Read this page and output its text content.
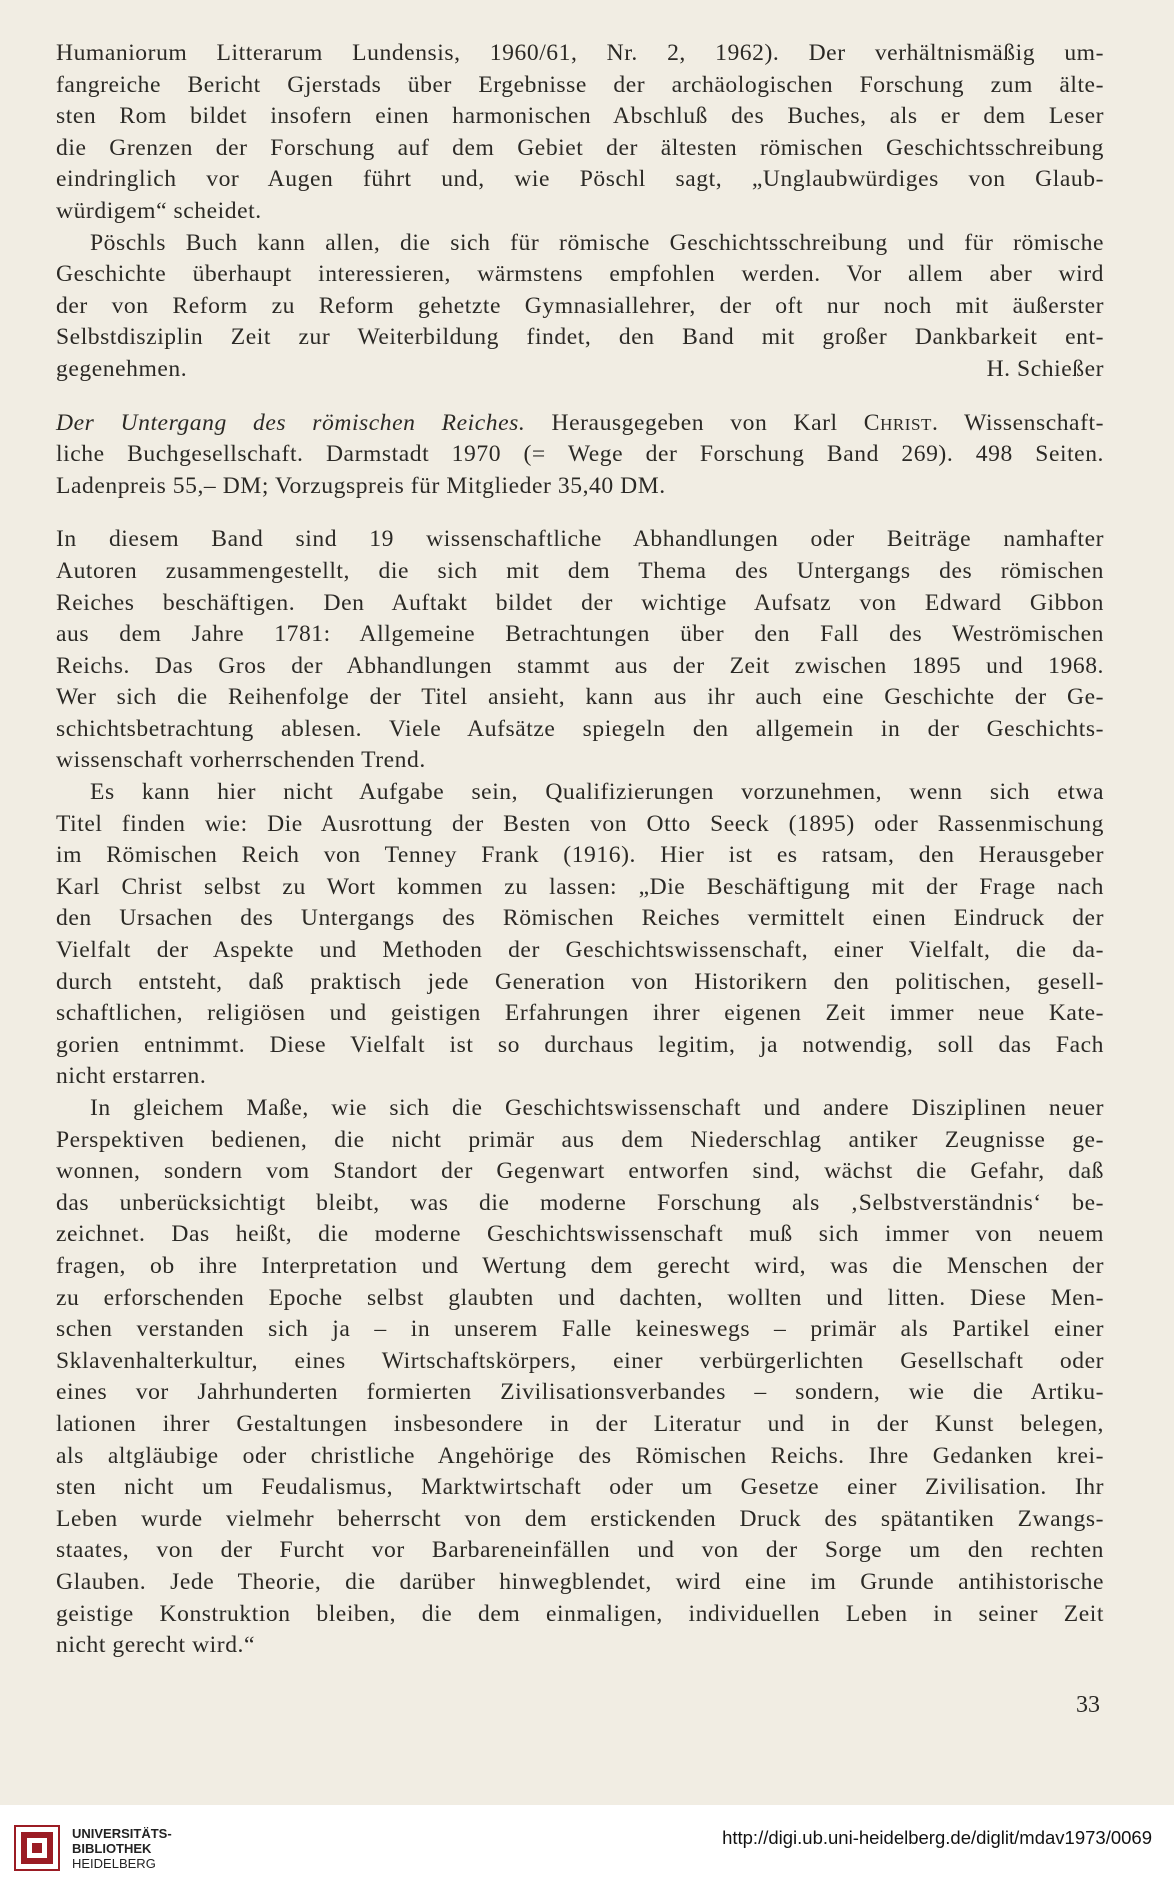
Humaniorum Litterarum Lundensis, 1960/61, Nr. 2, 1962). Der verhältnismäßig um-

fangreiche Bericht Gjerstads über Ergebnisse der archäologischen Forschung zum älte-

sten Rom bildet insofern einen harmonischen Abschluß des Buches, als er dem Leser

die Grenzen der Forschung auf dem Gebiet der ältesten römischen Geschichtsschreibung

eindringlich vor Augen führt und, wie Pöschl sagt, „Unglaubwürdiges von Glaub-

würdigem“ scheidet.

Pöschls Buch kann allen, die sich für römische Geschichtsschreibung und für römische

Geschichte überhaupt interessieren, wärmstens empfohlen werden. Vor allem aber wird

der von Reform zu Reform gehetzte Gymnasiallehrer, der oft nur noch mit äußerster

Selbstdisziplin Zeit zur Weiterbildung findet, den Band mit großer Dankbarkeit ent-

gegenehmen.	H. Schießer

Der Untergang des römischen Reiches. Herausgegeben von Karl Christ. Wissenschaft-

liche Buchgesellschaft. Darmstadt 1970 (= Wege der Forschung Band 269). 498 Seiten.

Ladenpreis 55,– DM; Vorzugspreis für Mitglieder 35,40 DM.

In diesem Band sind 19 wissenschaftliche Abhandlungen oder Beiträge namhafter

Autoren zusammengestellt, die sich mit dem Thema des Untergangs des römischen

Reiches beschäftigen. Den Auftakt bildet der wichtige Aufsatz von Edward Gibbon

aus dem Jahre 1781: Allgemeine Betrachtungen über den Fall des Weströmischen

Reichs. Das Gros der Abhandlungen stammt aus der Zeit zwischen 1895 und 1968.

Wer sich die Reihenfolge der Titel ansieht, kann aus ihr auch eine Geschichte der Ge-

schichtsbetrachtung ablesen. Viele Aufsätze spiegeln den allgemein in der Geschichts-

wissenschaft vorherrschenden Trend.

Es kann hier nicht Aufgabe sein, Qualifizierungen vorzunehmen, wenn sich etwa

Titel finden wie: Die Ausrottung der Besten von Otto Seeck (1895) oder Rassenmischung

im Römischen Reich von Tenney Frank (1916). Hier ist es ratsam, den Herausgeber

Karl Christ selbst zu Wort kommen zu lassen: „Die Beschäftigung mit der Frage nach

den Ursachen des Untergangs des Römischen Reiches vermittelt einen Eindruck der

Vielfalt der Aspekte und Methoden der Geschichtswissenschaft, einer Vielfalt, die da-

durch entsteht, daß praktisch jede Generation von Historikern den politischen, gesell-

schaftlichen, religiösen und geistigen Erfahrungen ihrer eigenen Zeit immer neue Kate-

gorien entnimmt. Diese Vielfalt ist so durchaus legitim, ja notwendig, soll das Fach

nicht erstarren.

In gleichem Maße, wie sich die Geschichtswissenschaft und andere Disziplinen neuer

Perspektiven bedienen, die nicht primär aus dem Niederschlag antiker Zeugnisse ge-

wonnen, sondern vom Standort der Gegenwart entworfen sind, wächst die Gefahr, daß

das unberücksichtigt bleibt, was die moderne Forschung als ‚Selbstverständnis‘ be-

zeichnet. Das heißt, die moderne Geschichtswissenschaft muß sich immer von neuem

fragen, ob ihre Interpretation und Wertung dem gerecht wird, was die Menschen der

zu erforschenden Epoche selbst glaubten und dachten, wollten und litten. Diese Men-

schen verstanden sich ja – in unserem Falle keineswegs – primär als Partikel einer

Sklavenhalterkultur, eines Wirtschaftskörpers, einer verbürgerlichten Gesellschaft oder

eines vor Jahrhunderten formierten Zivilisationsverbandes – sondern, wie die Artiku-

lationen ihrer Gestaltungen insbesondere in der Literatur und in der Kunst belegen,

als altgläubige oder christliche Angehörige des Römischen Reichs. Ihre Gedanken krei-

sten nicht um Feudalismus, Marktwirtschaft oder um Gesetze einer Zivilisation. Ihr

Leben wurde vielmehr beherrscht von dem erstickenden Druck des spätantiken Zwangs-

staates, von der Furcht vor Barbareneinfällen und von der Sorge um den rechten

Glauben. Jede Theorie, die darüber hinwegblendet, wird eine im Grunde antihistorische

geistige Konstruktion bleiben, die dem einmaligen, individuellen Leben in seiner Zeit

nicht gerecht wird.“

33
UNIVERSITÄTS-
BIBLIOTHEK
HEIDELBERG
http://digi.ub.uni-heidelberg.de/diglit/mdav1973/0069
